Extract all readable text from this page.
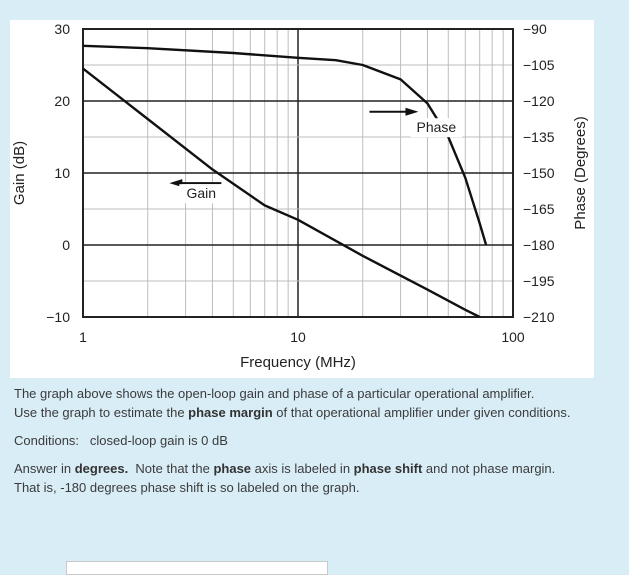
1	10	100
30
20
10
0
−10
−90
−105
−120
−135
−150
−165
−180
−195
−210
Gain
Phase
Frequency (MHz)
Gain (dB)	Phase (Degrees)

The graph above shows the open-loop gain and phase of a particular operational amplifier.

Use the graph to estimate the phase margin of that operational amplifier under given conditions.

Conditions: closed-loop gain is 0 dB

Answer in degrees.  Note that the phase axis is labeled in phase shift and not phase margin.

That is, -180 degrees phase shift is so labeled on the graph.
